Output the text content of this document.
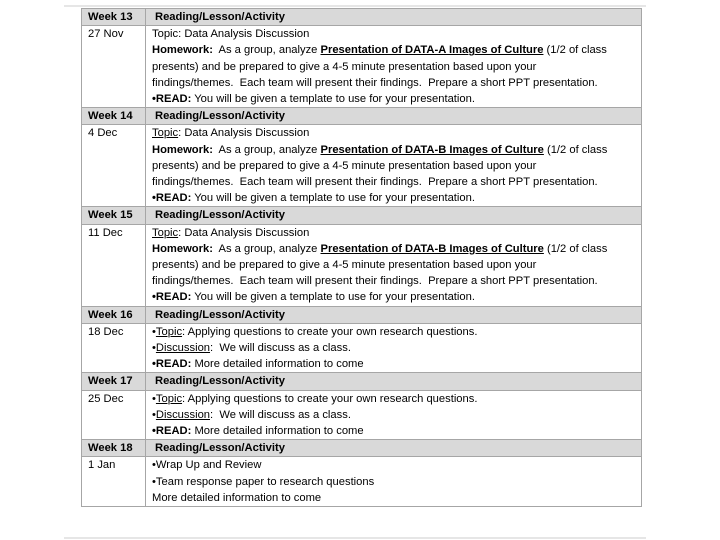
Week 13	Reading/Lesson/Activity
27 Nov	Topic: Data Analysis Discussion
Homework:  As a group, analyze Presentation of DATA-A Images of Culture (1/2 of class
presents) and be prepared to give a 4-5 minute presentation based upon your
findings/themes.  Each team will present their findings.  Prepare a short PPT presentation.
•READ: You will be given a template to use for your presentation.

Week 14	Reading/Lesson/Activity
4 Dec	Topic: Data Analysis Discussion
Homework:  As a group, analyze Presentation of DATA-B Images of Culture (1/2 of class
presents) and be prepared to give a 4-5 minute presentation based upon your
findings/themes.  Each team will present their findings.  Prepare a short PPT presentation.
•READ: You will be given a template to use for your presentation.

Week 15	Reading/Lesson/Activity
11 Dec	Topic: Data Analysis Discussion
Homework:  As a group, analyze Presentation of DATA-B Images of Culture (1/2 of class
presents) and be prepared to give a 4-5 minute presentation based upon your
findings/themes.  Each team will present their findings.  Prepare a short PPT presentation.
•READ: You will be given a template to use for your presentation.

Week 16	Reading/Lesson/Activity
18 Dec	•Topic: Applying questions to create your own research questions.
•Discussion:  We will discuss as a class.
•READ: More detailed information to come

Week 17	Reading/Lesson/Activity
25 Dec	•Topic: Applying questions to create your own research questions.
•Discussion:  We will discuss as a class.
•READ: More detailed information to come

Week 18	Reading/Lesson/Activity
1 Jan	•Wrap Up and Review
•Team response paper to research questions
More detailed information to come
